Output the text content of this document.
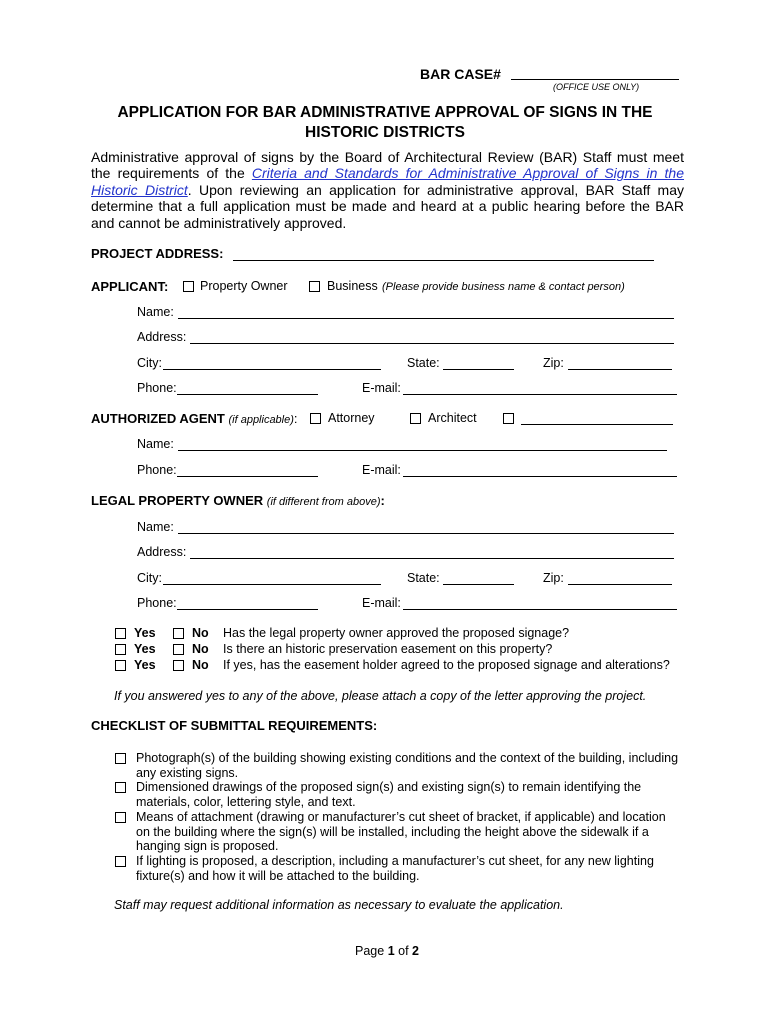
BAR CASE#
(OFFICE USE ONLY)
APPLICATION FOR BAR ADMINISTRATIVE APPROVAL OF SIGNS IN THE
HISTORIC DISTRICTS
Administrative approval of signs by the Board of Architectural Review (BAR) Staff must meet the requirements of the Criteria and Standards for Administrative Approval of Signs in the Historic District. Upon reviewing an application for administrative approval, BAR Staff may determine that a full application must be made and heard at a public hearing before the BAR and cannot be administratively approved.
PROJECT ADDRESS:
APPLICANT:	Property Owner	Business (Please provide business name & contact person)
Name:
Address:
City:	State:	Zip:
Phone:	E-mail:
AUTHORIZED AGENT (if applicable): Attorney	Architect
Name:
Phone:	E-mail:
LEGAL PROPERTY OWNER (if different from above):
Name:
Address:
City:	State:	Zip:
Phone:	E-mail:
Yes	No Has the legal property owner approved the proposed signage?
Yes	No Is there an historic preservation easement on this property?
Yes	No If yes, has the easement holder agreed to the proposed signage and alterations?
If you answered yes to any of the above, please attach a copy of the letter approving the project.
CHECKLIST OF SUBMITTAL REQUIREMENTS:
Photograph(s) of the building showing existing conditions and the context of the building, including any existing signs.
Dimensioned drawings of the proposed sign(s) and existing sign(s) to remain identifying the materials, color, lettering style, and text.
Means of attachment (drawing or manufacturer’s cut sheet of bracket, if applicable) and location on the building where the sign(s) will be installed, including the height above the sidewalk if a hanging sign is proposed.
If lighting is proposed, a description, including a manufacturer’s cut sheet, for any new lighting fixture(s) and how it will be attached to the building.
Staff may request additional information as necessary to evaluate the application.
Page 1 of 2
